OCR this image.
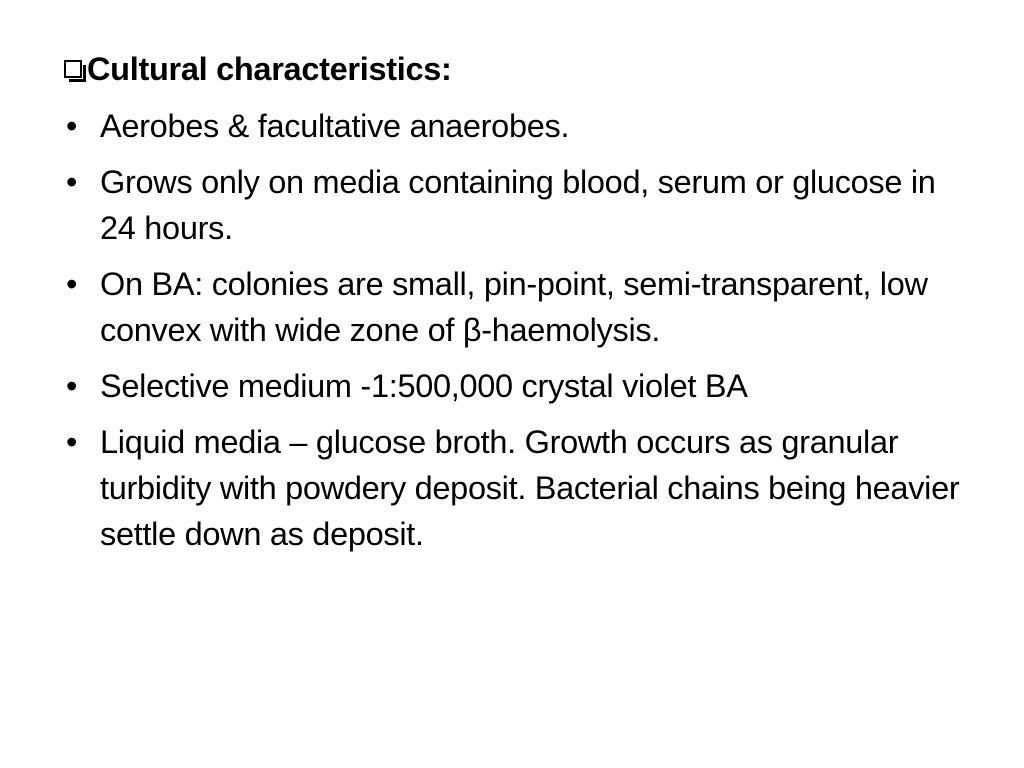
Cultural characteristics:
• Aerobes & facultative anaerobes.
• Grows only on media containing blood, serum or glucose in 24 hours.
• On BA: colonies are small, pin-point, semi-transparent, low convex with wide zone of β-haemolysis.
• Selective medium -1:500,000 crystal violet BA
• Liquid media – glucose broth. Growth occurs as granular turbidity with powdery deposit. Bacterial chains being heavier settle down as deposit.
